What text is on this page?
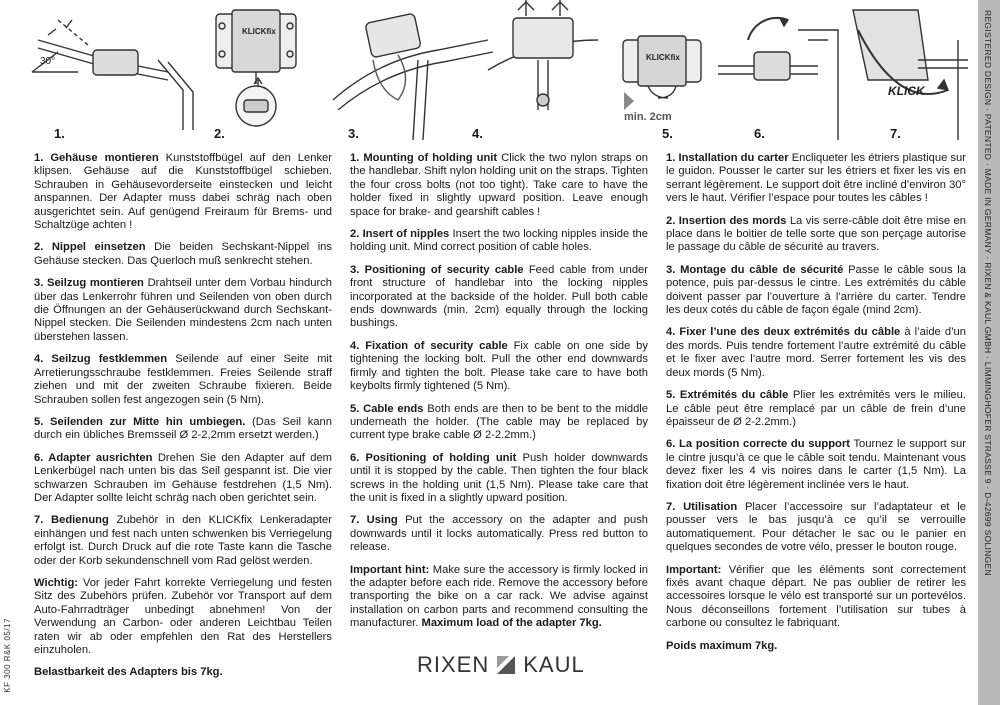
KF 300 R&K 05/17
REGISTERED DESIGN · PATENTED · MADE IN GERMANY · RIXEN & KAUL GMBH · LIMMINGHOFER STRASSE 9 · D-42699 SOLINGEN
30°
KLICKfix
KLICKfix
min. 2cm
KLICK
1.	2.	3.	4.	5.	6.	7.

1. Gehäuse montieren Kunststoffbügel auf den Lenker klipsen. Gehäuse auf die Kunststoffbügel schieben. Schrauben in Gehäusevorderseite einstecken und leicht anspannen. Der Adapter muss dabei schräg nach oben ausgerichtet sein. Auf genügend Freiraum für Brems- und Schaltzüge achten !

2. Nippel einsetzen Die beiden Sechskant-Nippel ins Gehäuse stecken. Das Querloch muß senkrecht stehen.

3. Seilzug montieren Drahtseil unter dem Vorbau hindurch über das Lenkerrohr führen und Seilenden von oben durch die Öffnungen an der Gehäuserückwand durch Sechskant-Nippel stecken. Die Seilenden mindestens 2cm nach unten überstehen lassen.

4. Seilzug festklemmen Seilende auf einer Seite mit Arretierungsschraube festklemmen. Freies Seilende straff ziehen und mit der zweiten Schraube fixieren. Beide Schrauben sollen fest angezogen sein (5 Nm).

5. Seilenden zur Mitte hin umbiegen. (Das Seil kann durch ein übliches Bremsseil Ø 2-2,2mm ersetzt werden.)

6. Adapter ausrichten Drehen Sie den Adapter auf dem Lenkerbügel nach unten bis das Seil gespannt ist. Die vier schwarzen Schrauben im Gehäuse festdrehen (1,5 Nm). Der Adapter sollte leicht schräg nach oben gerichtet sein.

7. Bedienung Zubehör in den KLICKfix Lenkeradapter einhängen und fest nach unten schwenken bis Verriegelung erfolgt ist. Durch Druck auf die rote Taste kann die Tasche oder der Korb sekundenschnell vom Rad gelöst werden.

Wichtig: Vor jeder Fahrt korrekte Verriegelung und festen Sitz des Zubehörs prüfen. Zubehör vor Transport auf dem Auto-Fahrradträger unbedingt abnehmen! Von der Verwendung an Carbon- oder anderen Leichtbau Teilen raten wir ab oder empfehlen den Rat des Herstellers einzuholen.

Belastbarkeit des Adapters bis 7kg.

1. Mounting of holding unit Click the two nylon straps on the handlebar. Shift nylon holding unit on the straps. Tighten the four cross bolts (not too tight). Take care to have the holder fixed in slightly upward position. Leave enough space for brake- and gearshift cables !

2. Insert of nipples Insert the two locking nipples inside the holding unit. Mind correct position of cable holes.

3. Positioning of security cable Feed cable from under front structure of handlebar into the locking nipples incorporated at the backside of the holder. Pull both cable ends downwards (min. 2cm) equally through the locking bushings.

4. Fixation of security cable Fix cable on one side by tightening the locking bolt. Pull the other end downwards firmly and tighten the bolt. Please take care to have both keybolts firmly tightened (5 Nm).

5. Cable ends Both ends are then to be bent to the middle underneath the holder. (The cable may be replaced by current type brake cable Ø 2-2.2mm.)

6. Positioning of holding unit Push holder downwards until it is stopped by the cable. Then tighten the four black screws in the holding unit (1,5 Nm). Please take care that the unit is fixed in a slightly upward position.

7. Using Put the accessory on the adapter and push downwards until it locks automatically. Press red button to release.

Important hint: Make sure the accessory is firmly locked in the adapter before each ride. Remove the accessory before transporting the bike on a car rack. We advise against installation on carbon parts and recommend consulting the manufacturer. Maximum load of the adapter 7kg.

1. Installation du carter Encliqueter les étriers plastique sur le guidon. Pousser le carter sur les étriers et fixer les vis en serrant légèrement. Le support doit être incliné d’environ 30° vers le haut. Vérifier l’espace pour toutes les câbles !

2. Insertion des mords La vis serre-câble doit être mise en place dans le boitier de telle sorte que son perçage autorise le passage du câble de sécurité au travers.

3. Montage du câble de sécurité Passe le câble sous la potence, puis par-dessus le cintre. Les extrémités du câble doivent passer par l’ouverture à l’arrière du carter. Tendre les deux cotés du câble de façon égale (mind 2cm).

4. Fixer l’une des deux extrémités du câble à l’aide d’un des mords. Puis tendre fortement l’autre extrémité du câble et le fixer avec l’autre mord. Serrer fortement les vis des deux mords (5 Nm).

5. Extrémités du câble Plier les extrémités vers le milieu. Le câble peut être remplacé par un câble de frein d’une épaisseur de Ø 2-2.2mm.)

6. La position correcte du support Tournez le support sur le cintre jusqu’à ce que le câble soit tendu. Maintenant vous devez fixer les 4 vis noires dans le carter (1,5 Nm). La fixation doit être légèrement inclinée vers le haut.

7. Utilisation Placer l’accessoire sur l’adaptateur et le pousser vers le bas jusqu’à ce qu’il se verrouille automatiquement. Pour détacher le sac ou le panier en quelques secondes de votre vélo, presser le bouton rouge.

Important: Vérifier que les éléments sont correctement fixés avant chaque départ. Ne pas oublier de retirer les accessoires lorsque le vélo est transporté sur un portevélos. Nous déconseillons fortement l’utilisation sur tubes à carbone ou consultez le fabriquant.

Poids maximum 7kg.

RIXEN KAUL
